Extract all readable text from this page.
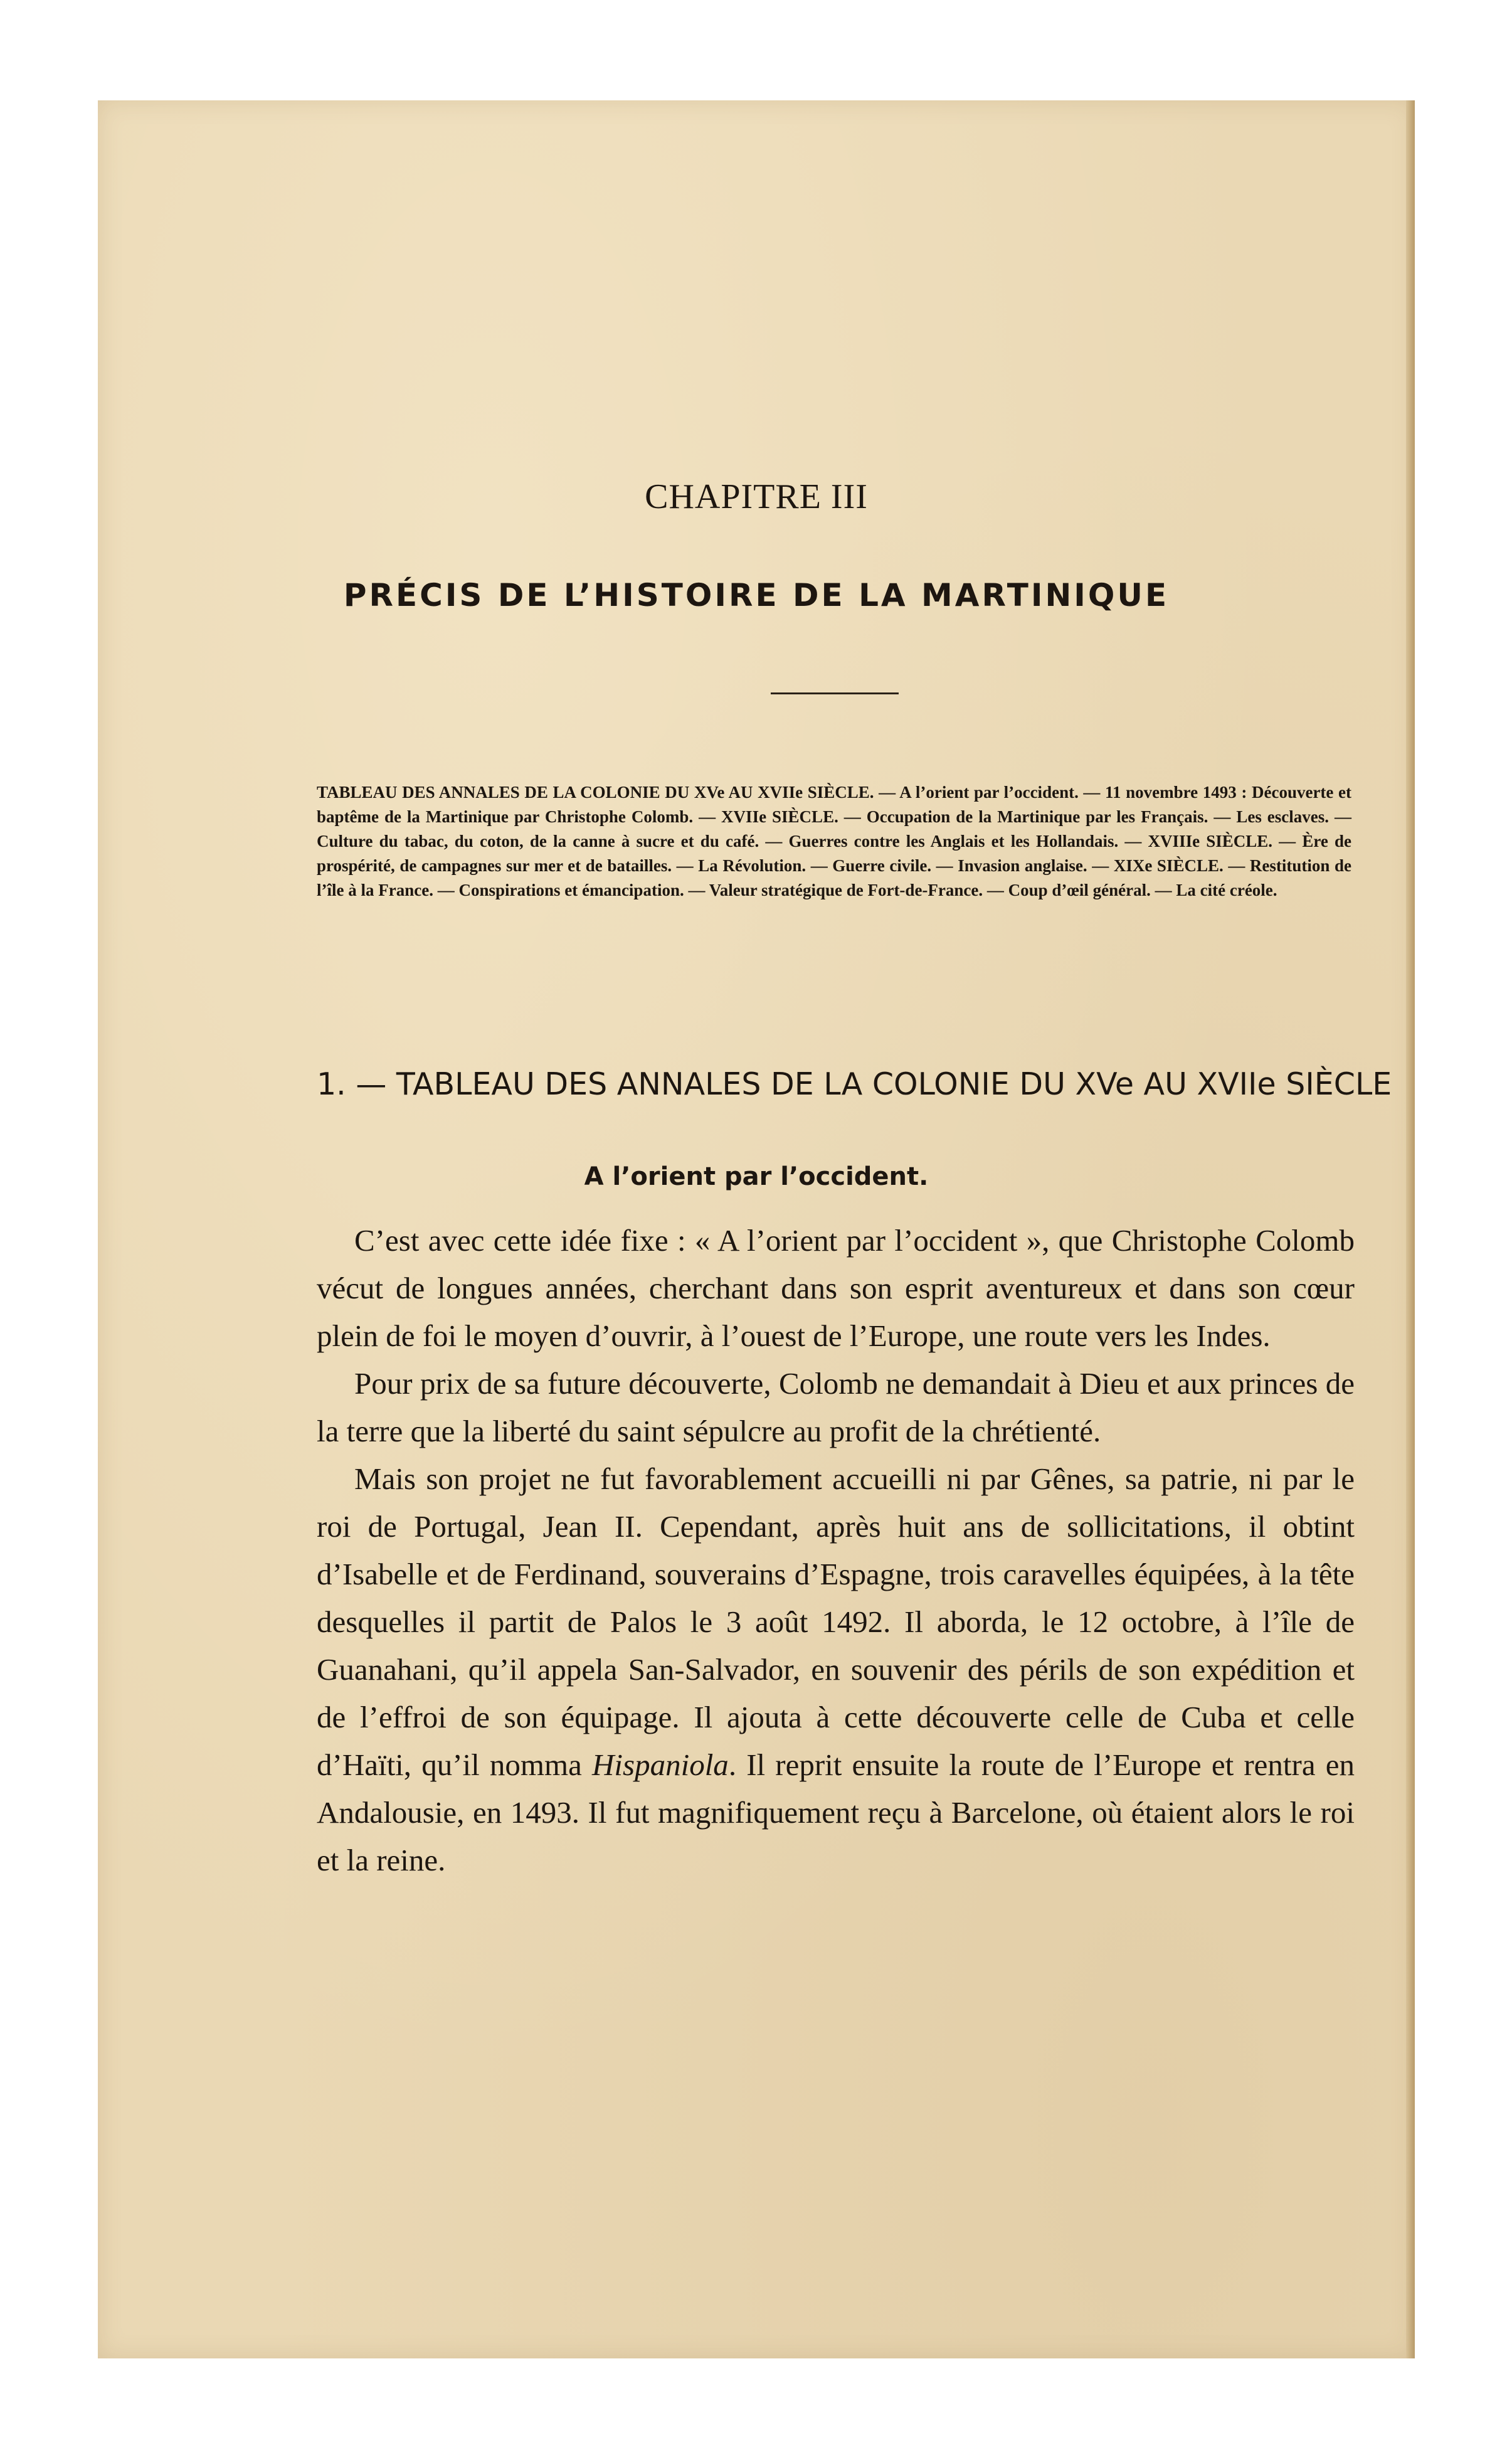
CHAPITRE III
PRÉCIS DE L’HISTOIRE DE LA MARTINIQUE
TABLEAU DES ANNALES DE LA COLONIE DU XVe AU XVIIe SIÈCLE. — A l’orient par l’occident. — 11 novembre 1493 : Découverte et baptême de la Martinique par Christophe Colomb. — XVIIe SIÈCLE. — Occupation de la Martinique par les Français. — Les esclaves. — Culture du tabac, du coton, de la canne à sucre et du café. — Guerres contre les Anglais et les Hollandais. — XVIIIe SIÈCLE. — Ère de prospérité, de campagnes sur mer et de batailles. — La Révolution. — Guerre civile. — Invasion anglaise. — XIXe SIÈCLE. — Restitution de l’île à la France. — Conspirations et émancipation. — Valeur stratégique de Fort-de-France. — Coup d’œil général. — La cité créole.
1. — TABLEAU DES ANNALES DE LA COLONIE DU XVe AU XVIIe SIÈCLE
A l’orient par l’occident.

C’est avec cette idée fixe : « A l’orient par l’occident », que Christophe Colomb vécut de longues années, cherchant dans son esprit aventureux et dans son cœur plein de foi le moyen d’ouvrir, à l’ouest de l’Europe, une route vers les Indes.

Pour prix de sa future découverte, Colomb ne demandait à Dieu et aux princes de la terre que la liberté du saint sépulcre au profit de la chrétienté.

Mais son projet ne fut favorablement accueilli ni par Gênes, sa patrie, ni par le roi de Portugal, Jean II. Cependant, après huit ans de sollicitations, il obtint d’Isabelle et de Ferdinand, souverains d’Espagne, trois caravelles équipées, à la tête desquelles il partit de Palos le 3 août 1492. Il aborda, le 12 octobre, à l’île de Guanahani, qu’il appela San-Salvador, en souvenir des périls de son expédition et de l’effroi de son équipage. Il ajouta à cette découverte celle de Cuba et celle d’Haïti, qu’il nomma Hispaniola. Il reprit ensuite la route de l’Europe et rentra en Andalousie, en 1493. Il fut magnifiquement reçu à Barcelone, où étaient alors le roi et la reine.
